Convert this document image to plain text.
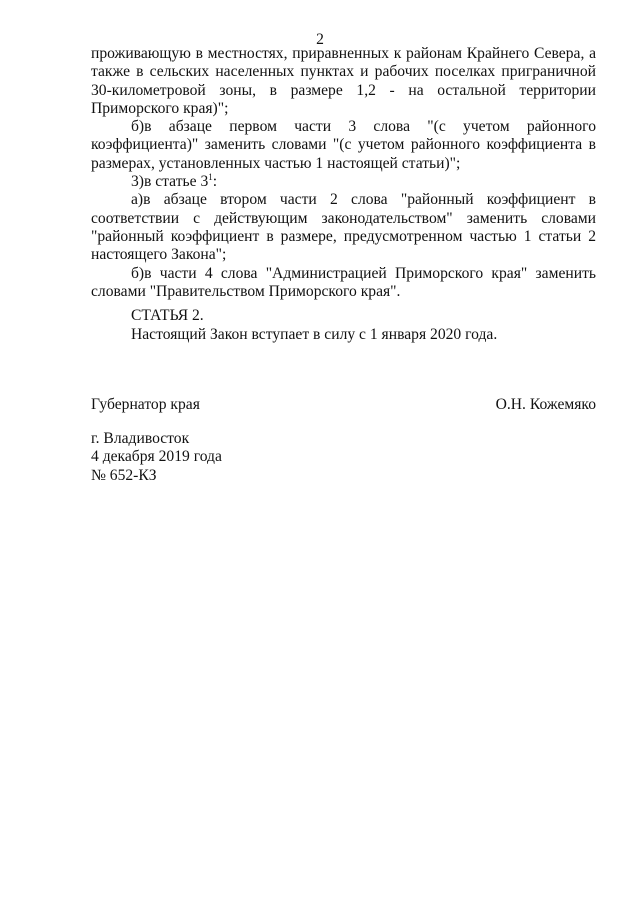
2

проживающую в местностях, приравненных к районам Крайнего Севера, а также в сельских населенных пунктах и рабочих поселках приграничной 30-километровой зоны, в размере 1,2 - на остальной территории Приморского края)";

б)в абзаце первом части 3 слова "(с учетом районного коэффициента)" заменить словами "(с учетом районного коэффициента в размерах, установленных частью 1 настоящей статьи)";

3)в статье $3^1$:

а)в абзаце втором части 2 слова "районный коэффициент в соответствии с действующим законодательством" заменить словами "районный коэффициент в размере, предусмотренном частью 1 статьи 2 настоящего Закона";

б)в части 4 слова "Администрацией Приморского края" заменить словами "Правительством Приморского края".

СТАТЬЯ 2.
Настоящий Закон вступает в силу с 1 января 2020 года.
Губернатор края	О.Н. Кожемяко
г. Владивосток
4 декабря 2019 года
№ 652-КЗ
